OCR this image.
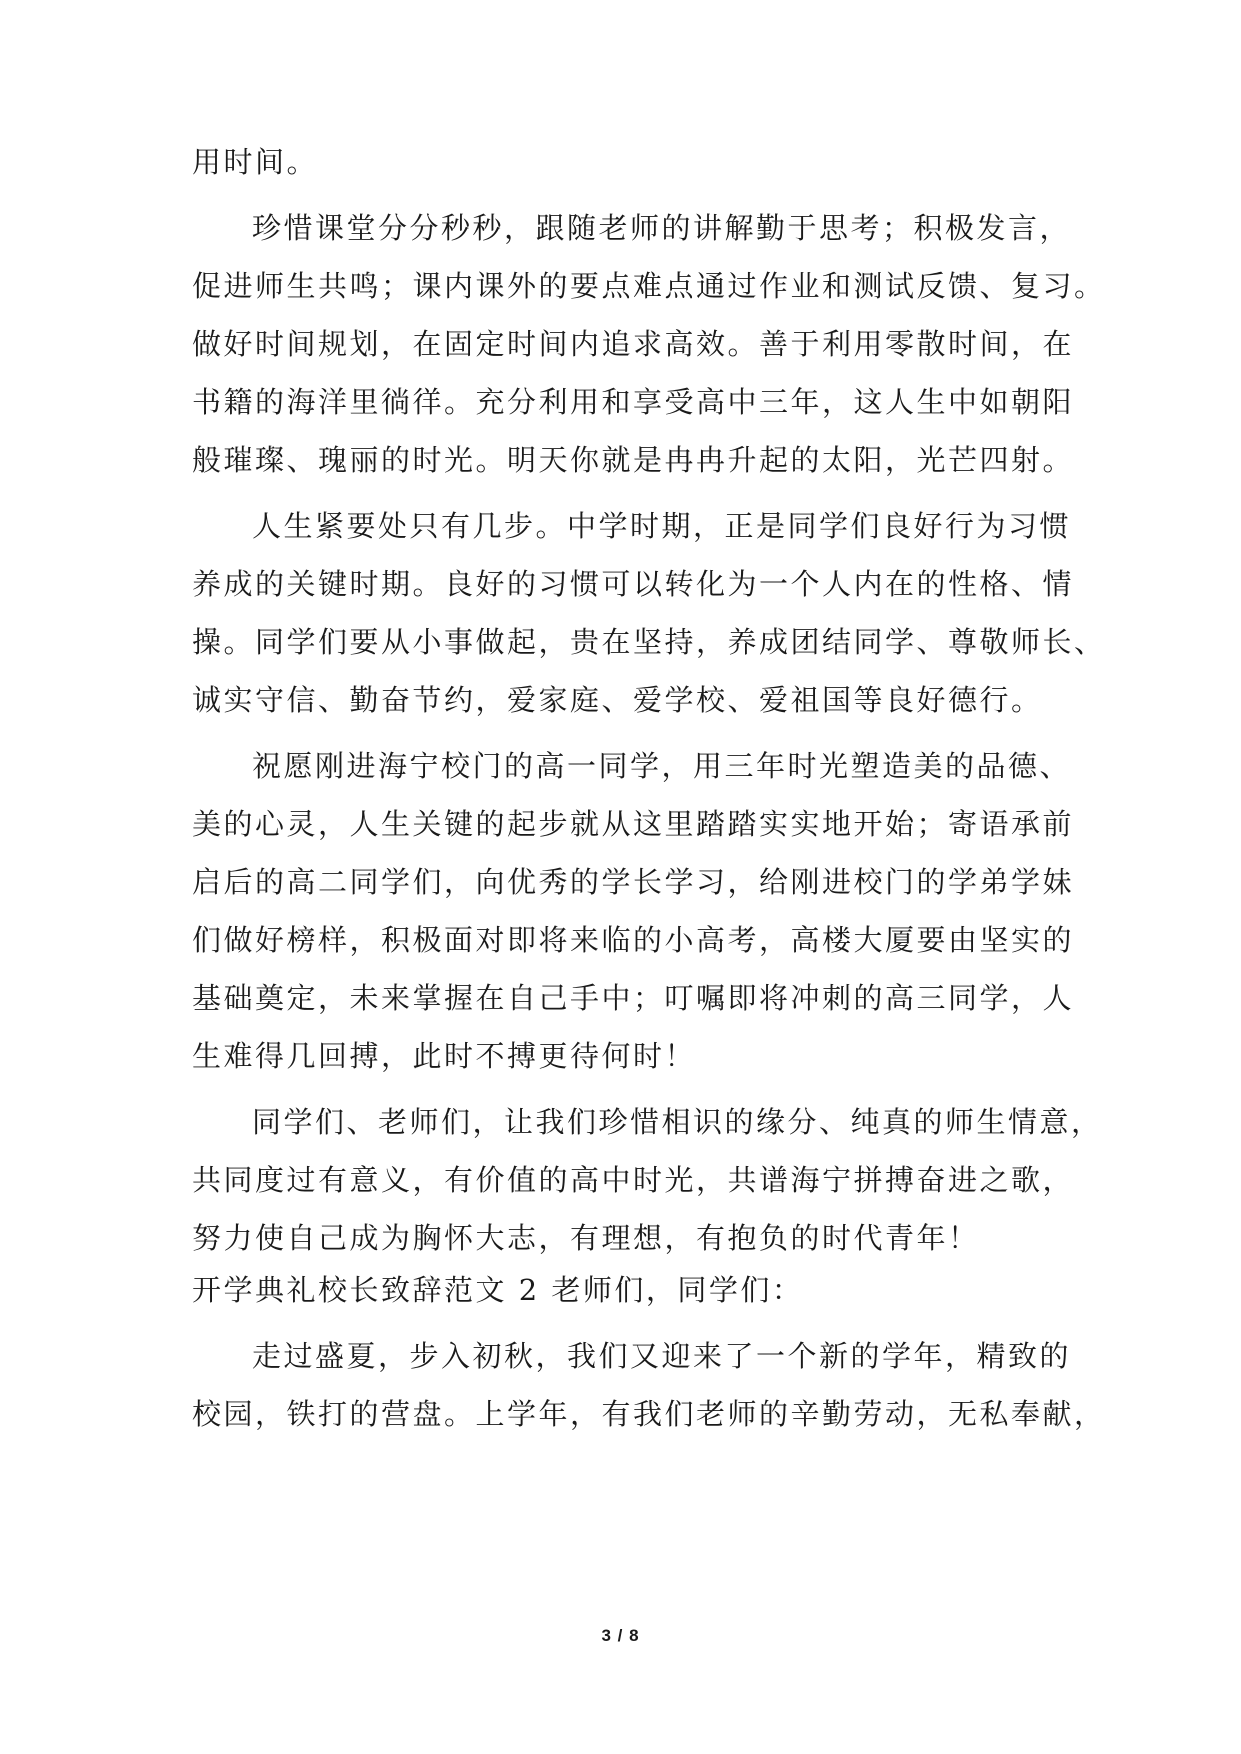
用时间。
珍惜课堂分分秒秒，跟随老师的讲解勤于思考；积极发言，
促进师生共鸣；课内课外的要点难点通过作业和测试反馈、复习。
做好时间规划，在固定时间内追求高效。善于利用零散时间，在
书籍的海洋里徜徉。充分利用和享受高中三年，这人生中如朝阳
般璀璨、瑰丽的时光。明天你就是冉冉升起的太阳，光芒四射。
人生紧要处只有几步。中学时期，正是同学们良好行为习惯
养成的关键时期。良好的习惯可以转化为一个人内在的性格、情
操。同学们要从小事做起，贵在坚持，养成团结同学、尊敬师长、
诚实守信、勤奋节约，爱家庭、爱学校、爱祖国等良好德行。
祝愿刚进海宁校门的高一同学，用三年时光塑造美的品德、
美的心灵，人生关键的起步就从这里踏踏实实地开始；寄语承前
启后的高二同学们，向优秀的学长学习，给刚进校门的学弟学妹
们做好榜样，积极面对即将来临的小高考，高楼大厦要由坚实的
基础奠定，未来掌握在自己手中；叮嘱即将冲刺的高三同学，人
生难得几回搏，此时不搏更待何时！
同学们、老师们，让我们珍惜相识的缘分、纯真的师生情意，
共同度过有意义，有价值的高中时光，共谱海宁拼搏奋进之歌，
努力使自己成为胸怀大志，有理想，有抱负的时代青年！
开学典礼校长致辞范文 2 老师们，同学们：
走过盛夏，步入初秋，我们又迎来了一个新的学年，精致的
校园，铁打的营盘。上学年，有我们老师的辛勤劳动，无私奉献，
3 / 8
